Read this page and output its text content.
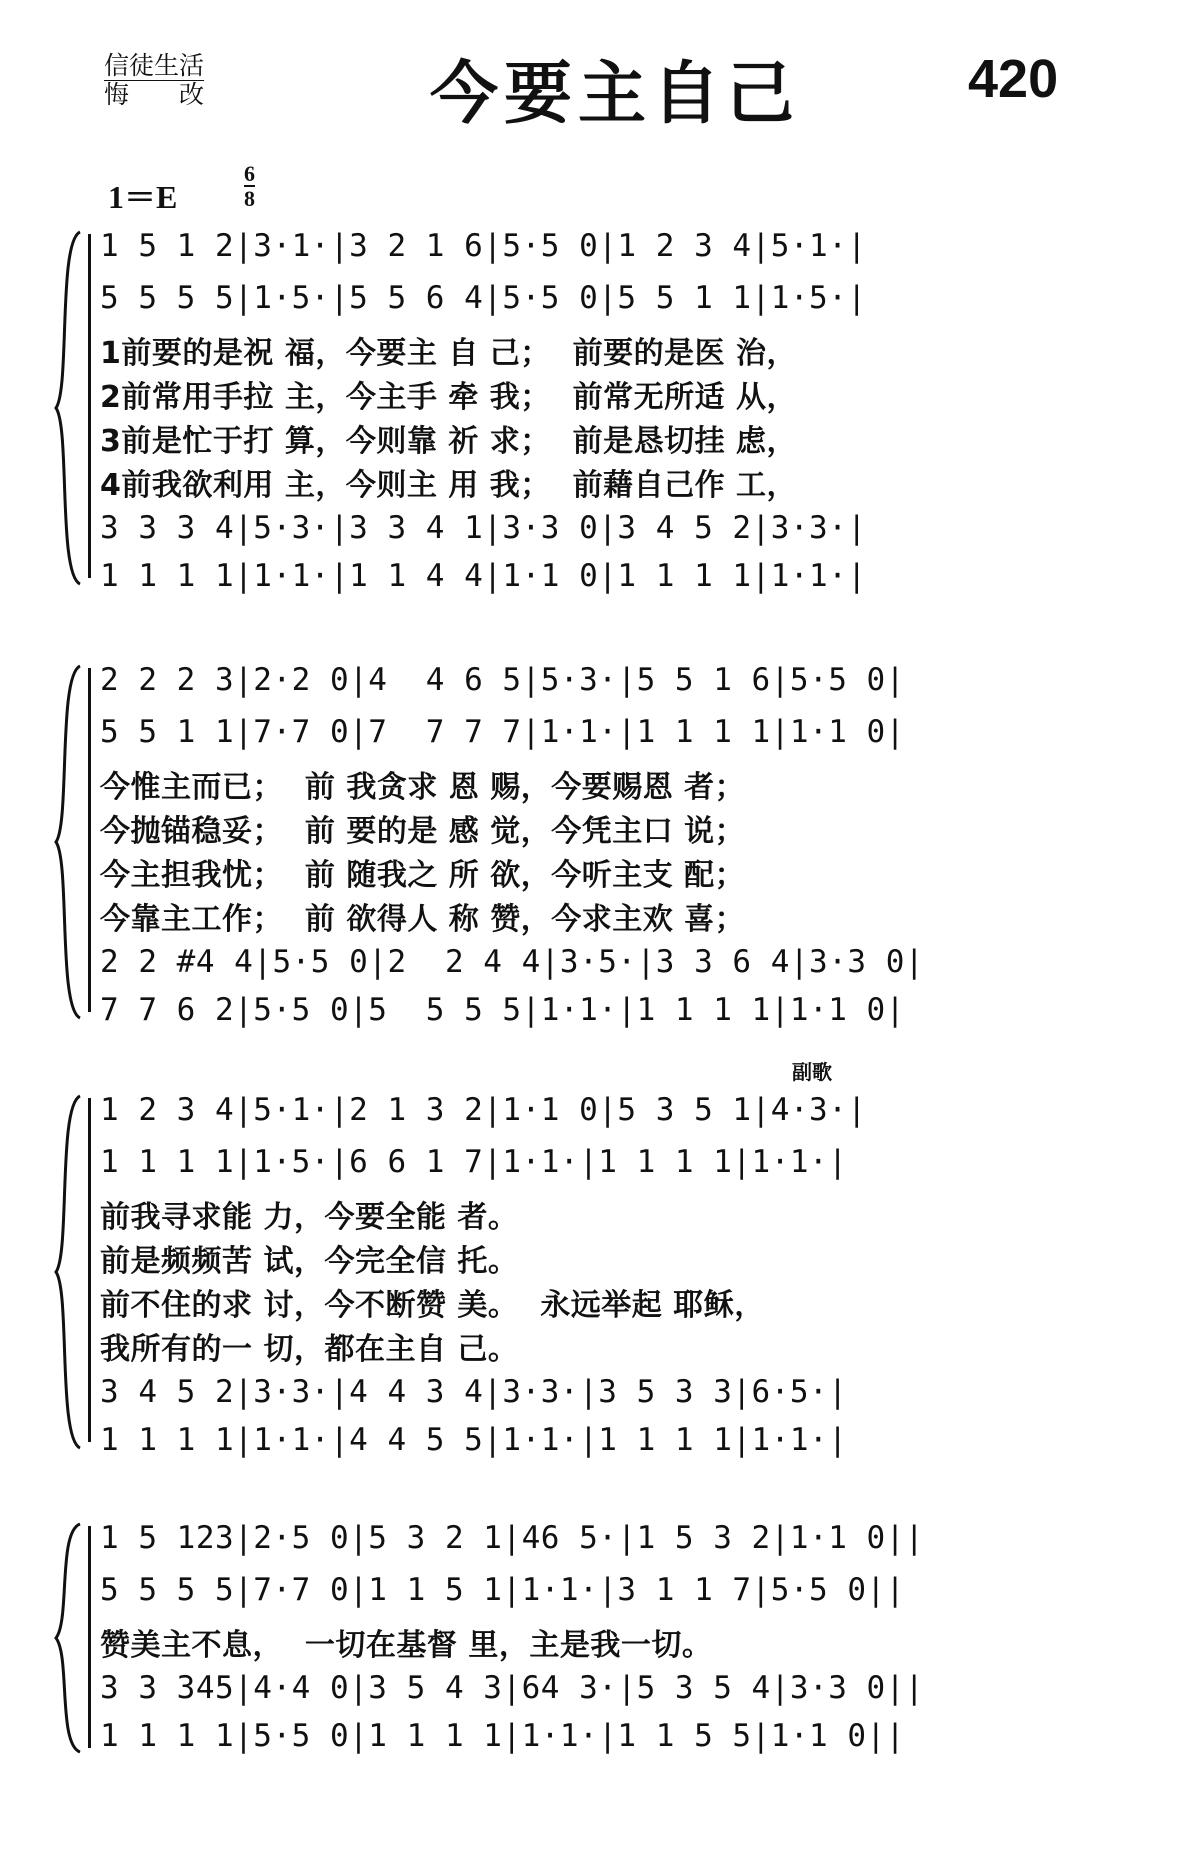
信徒生活
悔　　改	今要主自己	420
1＝E	$\frac{6}{8}$
1 5 1 2|3·1·|3 2 1 6|5·5 0|1 2 3 4|5·1·|
5 5 5 5|1·5·|5 5 6 4|5·5 0|5 5 1 1|1·5·|
1前要的是祝 福，今要主 自 己；  前要的是医 治，
2前常用手拉 主，今主手 牵 我；  前常无所适 从，
3前是忙于打 算，今则靠 祈 求；  前是恳切挂 虑，
4前我欲利用 主，今则主 用 我；  前藉自己作 工，
3 3 3 4|5·3·|3 3 4 1|3·3 0|3 4 5 2|3·3·|
1 1 1 1|1·1·|1 1 4 4|1·1 0|1 1 1 1|1·1·|
2 2 2 3|2·2 0|4  4 6 5|5·3·|5 5 1 6|5·5 0|
5 5 1 1|7·7 0|7  7 7 7|1·1·|1 1 1 1|1·1 0|
今惟主而已；  前 我贪求 恩 赐，今要赐恩 者；
今抛锚稳妥；  前 要的是 感 觉，今凭主口 说；
今主担我忧；  前 随我之 所 欲，今听主支 配；
今靠主工作；  前 欲得人 称 赞，今求主欢 喜；
2 2 #4 4|5·5 0|2  2 4 4|3·5·|3 3 6 4|3·3 0|
7 7 6 2|5·5 0|5  5 5 5|1·1·|1 1 1 1|1·1 0|
副歌
1 2 3 4|5·1·|2 1 3 2|1·1 0|5 3 5 1|4·3·|
1 1 1 1|1·5·|6 6 1 7|1·1·|1 1 1 1|1·1·|
前我寻求能 力，今要全能 者。
前是频频苦 试，今完全信 托。
前不住的求 讨，今不断赞 美。  永远举起 耶稣，
我所有的一 切，都在主自 己。
3 4 5 2|3·3·|4 4 3 4|3·3·|3 5 3 3|6·5·|
1 1 1 1|1·1·|4 4 5 5|1·1·|1 1 1 1|1·1·|
1 5 123|2·5 0|5 3 2 1|46 5·|1 5 3 2|1·1 0||
5 5 5 5|7·7 0|1 1 5 1|1·1·|3 1 1 7|5·5 0||
赞美主不息，  一切在基督 里，主是我一切。
3 3 345|4·4 0|3 5 4 3|64 3·|5 3 5 4|3·3 0||
1 1 1 1|5·5 0|1 1 1 1|1·1·|1 1 5 5|1·1 0||
